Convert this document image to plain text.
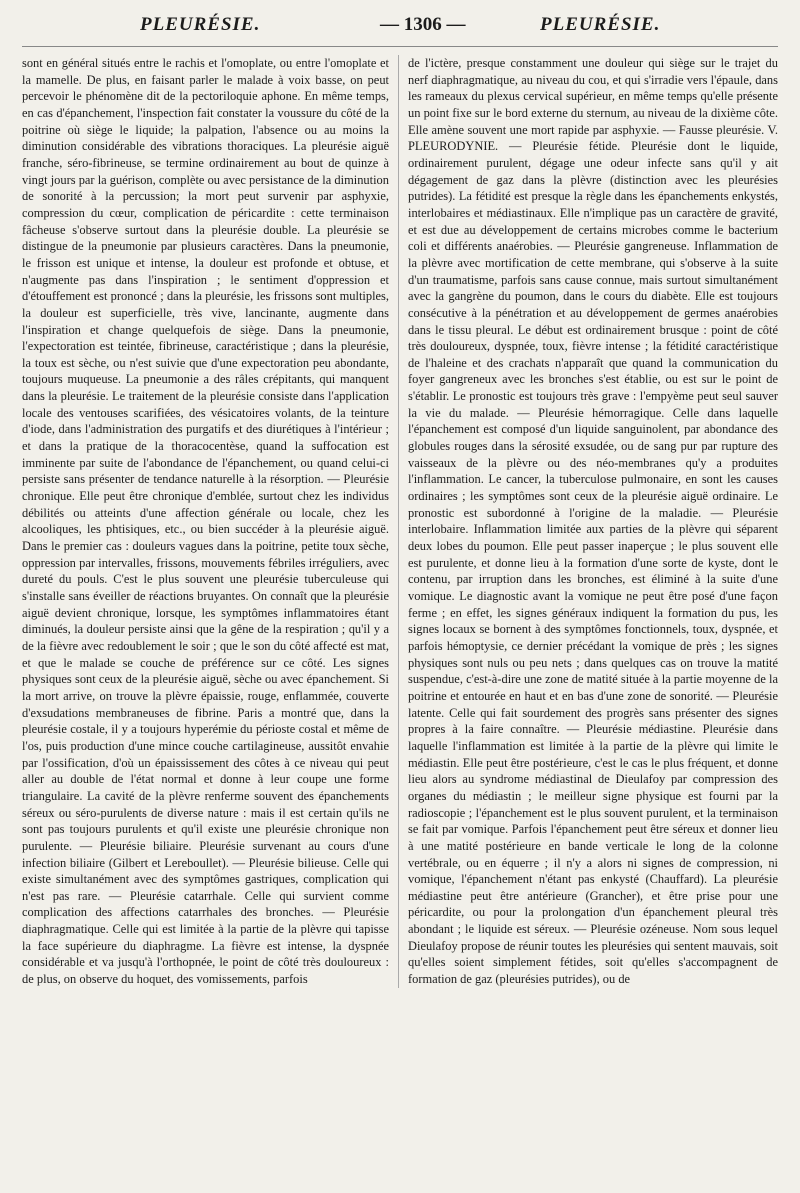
PLEURÉSIE.	— 1306 —	PLEURÉSIE.

sont en général situés entre le rachis et l'omoplate, ou entre l'omoplate et la mamelle. De plus, en faisant parler le malade à voix basse, on peut percevoir le phénomène dit de la pectoriloquie aphone. En même temps, en cas d'épanchement, l'inspection fait constater la voussure du côté de la poitrine où siège le liquide; la palpation, l'absence ou au moins la diminution considérable des vibrations thoraciques. La pleurésie aiguë franche, séro-fibrineuse, se termine ordinairement au bout de quinze à vingt jours par la guérison, complète ou avec persistance de la diminution de sonorité à la percussion; la mort peut survenir par asphyxie, compression du cœur, complication de péricardite : cette terminaison fâcheuse s'observe surtout dans la pleurésie double. La pleurésie se distingue de la pneumonie par plusieurs caractères. Dans la pneumonie, le frisson est unique et intense, la douleur est profonde et obtuse, et n'augmente pas dans l'inspiration ; le sentiment d'oppression et d'étouffement est prononcé ; dans la pleurésie, les frissons sont multiples, la douleur est superficielle, très vive, lancinante, augmente dans l'inspiration et change quelquefois de siège. Dans la pneumonie, l'expectoration est teintée, fibrineuse, caractéristique ; dans la pleurésie, la toux est sèche, ou n'est suivie que d'une expectoration peu abondante, toujours muqueuse. La pneumonie a des râles crépitants, qui manquent dans la pleurésie. Le traitement de la pleurésie consiste dans l'application locale des ventouses scarifiées, des vésicatoires volants, de la teinture d'iode, dans l'administration des purgatifs et des diurétiques à l'intérieur ; et dans la pratique de la thoracocentèse, quand la suffocation est imminente par suite de l'abondance de l'épanchement, ou quand celui-ci persiste sans présenter de tendance naturelle à la résorption. — Pleurésie chronique. Elle peut être chronique d'emblée, surtout chez les individus débilités ou atteints d'une affection générale ou locale, chez les alcooliques, les phtisiques, etc., ou bien succéder à la pleurésie aiguë. Dans le premier cas : douleurs vagues dans la poitrine, petite toux sèche, oppression par intervalles, frissons, mouvements fébriles irréguliers, avec dureté du pouls. C'est le plus souvent une pleurésie tuberculeuse qui s'installe sans éveiller de réactions bruyantes. On connaît que la pleurésie aiguë devient chronique, lorsque, les symptômes inflammatoires étant diminués, la douleur persiste ainsi que la gêne de la respiration ; qu'il y a de la fièvre avec redoublement le soir ; que le son du côté affecté est mat, et que le malade se couche de préférence sur ce côté. Les signes physiques sont ceux de la pleurésie aiguë, sèche ou avec épanchement. Si la mort arrive, on trouve la plèvre épaissie, rouge, enflammée, couverte d'exsudations membraneuses de fibrine. Paris a montré que, dans la pleurésie costale, il y a toujours hyperémie du périoste costal et même de l'os, puis production d'une mince couche cartilagineuse, aussitôt envahie par l'ossification, d'où un épaississement des côtes à ce niveau qui peut aller au double de l'état normal et donne à leur coupe une forme triangulaire. La cavité de la plèvre renferme souvent des épanchements séreux ou séro-purulents de diverse nature : mais il est certain qu'ils ne sont pas toujours purulents et qu'il existe une pleurésie chronique non purulente. — Pleurésie biliaire. Pleurésie survenant au cours d'une infection biliaire (Gilbert et Lereboullet). — Pleurésie bilieuse. Celle qui existe simultanément avec des symptômes gastriques, complication qui n'est pas rare. — Pleurésie catarrhale. Celle qui survient comme complication des affections catarrhales des bronches. — Pleurésie diaphragmatique. Celle qui est limitée à la partie de la plèvre qui tapisse la face supérieure du diaphragme. La fièvre est intense, la dyspnée considérable et va jusqu'à l'orthopnée, le point de côté très douloureux : de plus, on observe du hoquet, des vomissements, parfois

de l'ictère, presque constamment une douleur qui siège sur le trajet du nerf diaphragmatique, au niveau du cou, et qui s'irradie vers l'épaule, dans les rameaux du plexus cervical supérieur, en même temps qu'elle présente un point fixe sur le bord externe du sternum, au niveau de la dixième côte. Elle amène souvent une mort rapide par asphyxie. — Fausse pleurésie. V. PLEURODYNIE. — Pleurésie fétide. Pleurésie dont le liquide, ordinairement purulent, dégage une odeur infecte sans qu'il y ait dégagement de gaz dans la plèvre (distinction avec les pleurésies putrides). La fétidité est presque la règle dans les épanchements enkystés, interlobaires et médiastinaux. Elle n'implique pas un caractère de gravité, et est due au développement de certains microbes comme le bacterium coli et différents anaérobies. — Pleurésie gangreneuse. Inflammation de la plèvre avec mortification de cette membrane, qui s'observe à la suite d'un traumatisme, parfois sans cause connue, mais surtout simultanément avec la gangrène du poumon, dans le cours du diabète. Elle est toujours consécutive à la pénétration et au développement de germes anaérobies dans le tissu pleural. Le début est ordinairement brusque : point de côté très douloureux, dyspnée, toux, fièvre intense ; la fétidité caractéristique de l'haleine et des crachats n'apparaît que quand la communication du foyer gangreneux avec les bronches s'est établie, ou est sur le point de s'établir. Le pronostic est toujours très grave : l'empyème peut seul sauver la vie du malade. — Pleurésie hémorragique. Celle dans laquelle l'épanchement est composé d'un liquide sanguinolent, par abondance des globules rouges dans la sérosité exsudée, ou de sang pur par rupture des vaisseaux de la plèvre ou des néo-membranes qu'y a produites l'inflammation. Le cancer, la tuberculose pulmonaire, en sont les causes ordinaires ; les symptômes sont ceux de la pleurésie aiguë ordinaire. Le pronostic est subordonné à l'origine de la maladie. — Pleurésie interlobaire. Inflammation limitée aux parties de la plèvre qui séparent deux lobes du poumon. Elle peut passer inaperçue ; le plus souvent elle est purulente, et donne lieu à la formation d'une sorte de kyste, dont le contenu, par irruption dans les bronches, est éliminé à la suite d'une vomique. Le diagnostic avant la vomique ne peut être posé d'une façon ferme ; en effet, les signes généraux indiquent la formation du pus, les signes locaux se bornent à des symptômes fonctionnels, toux, dyspnée, et parfois hémoptysie, ce dernier précédant la vomique de près ; les signes physiques sont nuls ou peu nets ; dans quelques cas on trouve la matité suspendue, c'est-à-dire une zone de matité située à la partie moyenne de la poitrine et entourée en haut et en bas d'une zone de sonorité. — Pleurésie latente. Celle qui fait sourdement des progrès sans présenter des signes propres à la faire connaître. — Pleurésie médiastine. Pleurésie dans laquelle l'inflammation est limitée à la partie de la plèvre qui limite le médiastin. Elle peut être postérieure, c'est le cas le plus fréquent, et donne lieu alors au syndrome médiastinal de Dieulafoy par compression des organes du médiastin ; le meilleur signe physique est fourni par la radioscopie ; l'épanchement est le plus souvent purulent, et la terminaison se fait par vomique. Parfois l'épanchement peut être séreux et donner lieu à une matité postérieure en bande verticale le long de la colonne vertébrale, ou en équerre ; il n'y a alors ni signes de compression, ni vomique, l'épanchement n'étant pas enkysté (Chauffard). La pleurésie médiastine peut être antérieure (Grancher), et être prise pour une péricardite, ou pour la prolongation d'un épanchement pleural très abondant ; le liquide est séreux. — Pleurésie ozéneuse. Nom sous lequel Dieulafoy propose de réunir toutes les pleurésies qui sentent mauvais, soit qu'elles soient simplement fétides, soit qu'elles s'accompagnent de formation de gaz (pleurésies putrides), ou de
